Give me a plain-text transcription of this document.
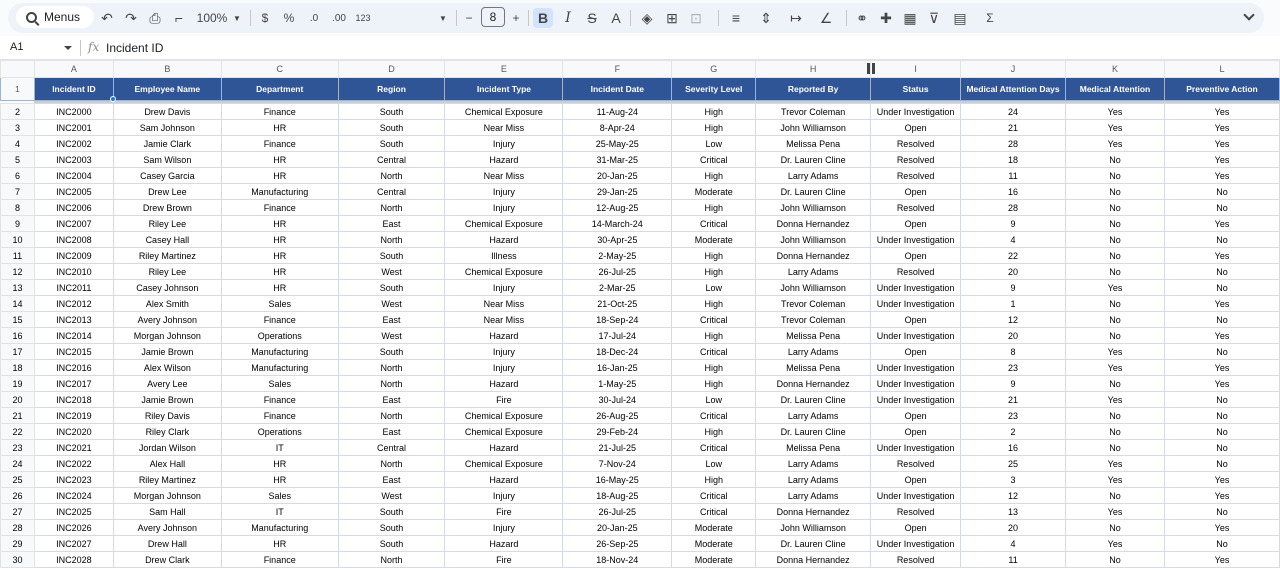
Menus ↶ ↷ ⎙	⌐	100% ▼	$	%	.0	.00	123	▼ −	8	+	B	I	S	A	◈ ⊞ ⊡	≡	⇕ ↦ ∠ ⚭ ✚ ▦ ⊽	▤	Σ
A1	fx Incident ID
	A	B	C	D	E	F	G	H	I	J	K	L
1	Incident ID	Employee Name	Department	Region	Incident Type	Incident Date	Severity Level	Reported By	Status	Medical Attention Days	Medical Attention	Preventive Action

2	INC2000	Drew Davis	Finance	South	Chemical Exposure	11-Aug-24	High	Trevor Coleman	Under Investigation	24	Yes	Yes
3	INC2001	Sam Johnson	HR	South	Near Miss	8-Apr-24	High	John Williamson	Open	21	Yes	Yes
4	INC2002	Jamie Clark	Finance	South	Injury	25-May-25	Low	Melissa Pena	Resolved	28	Yes	Yes
5	INC2003	Sam Wilson	HR	Central	Hazard	31-Mar-25	Critical	Dr. Lauren Cline	Resolved	18	No	Yes
6	INC2004	Casey Garcia	HR	North	Near Miss	20-Jan-25	High	Larry Adams	Resolved	11	No	Yes
7	INC2005	Drew Lee	Manufacturing	Central	Injury	29-Jan-25	Moderate	Dr. Lauren Cline	Open	16	No	No
8	INC2006	Drew Brown	Finance	North	Injury	12-Aug-25	High	John Williamson	Resolved	28	No	No
9	INC2007	Riley Lee	HR	East	Chemical Exposure	14-March-24	Critical	Donna Hernandez	Open	9	No	Yes
10	INC2008	Casey Hall	HR	North	Hazard	30-Apr-25	Moderate	John Williamson	Under Investigation	4	No	No
11	INC2009	Riley Martinez	HR	South	Illness	2-May-25	High	Donna Hernandez	Open	22	No	Yes
12	INC2010	Riley Lee	HR	West	Chemical Exposure	26-Jul-25	High	Larry Adams	Resolved	20	No	No
13	INC2011	Casey Johnson	HR	South	Injury	2-Mar-25	Low	John Williamson	Under Investigation	9	Yes	No
14	INC2012	Alex Smith	Sales	West	Near Miss	21-Oct-25	High	Trevor Coleman	Under Investigation	1	No	Yes
15	INC2013	Avery Johnson	Finance	East	Near Miss	18-Sep-24	Critical	Trevor Coleman	Open	12	No	No
16	INC2014	Morgan Johnson	Operations	West	Hazard	17-Jul-24	High	Melissa Pena	Under Investigation	20	No	Yes
17	INC2015	Jamie Brown	Manufacturing	South	Injury	18-Dec-24	Critical	Larry Adams	Open	8	Yes	No
18	INC2016	Alex Wilson	Manufacturing	North	Injury	16-Jan-25	High	Melissa Pena	Under Investigation	23	Yes	Yes
19	INC2017	Avery Lee	Sales	North	Hazard	1-May-25	High	Donna Hernandez	Under Investigation	9	No	Yes
20	INC2018	Jamie Brown	Finance	East	Fire	30-Jul-24	Low	Dr. Lauren Cline	Under Investigation	21	Yes	No
21	INC2019	Riley Davis	Finance	North	Chemical Exposure	26-Aug-25	Critical	Larry Adams	Open	23	No	No
22	INC2020	Riley Clark	Operations	East	Chemical Exposure	29-Feb-24	High	Dr. Lauren Cline	Open	2	No	No
23	INC2021	Jordan Wilson	IT	Central	Hazard	21-Jul-25	Critical	Melissa Pena	Under Investigation	16	No	No
24	INC2022	Alex Hall	HR	North	Chemical Exposure	7-Nov-24	Low	Larry Adams	Resolved	25	Yes	No
25	INC2023	Riley Martinez	HR	East	Hazard	16-May-25	High	Larry Adams	Open	3	Yes	Yes
26	INC2024	Morgan Johnson	Sales	West	Injury	18-Aug-25	Critical	Larry Adams	Under Investigation	12	No	Yes
27	INC2025	Sam Hall	IT	South	Fire	26-Jul-25	Critical	Donna Hernandez	Resolved	13	Yes	No
28	INC2026	Avery Johnson	Manufacturing	South	Injury	20-Jan-25	Moderate	John Williamson	Open	20	No	Yes
29	INC2027	Drew Hall	HR	South	Hazard	26-Sep-25	Moderate	Dr. Lauren Cline	Under Investigation	4	Yes	No
30	INC2028	Drew Clark	Finance	North	Fire	18-Nov-24	Moderate	Donna Hernandez	Resolved	11	No	Yes
